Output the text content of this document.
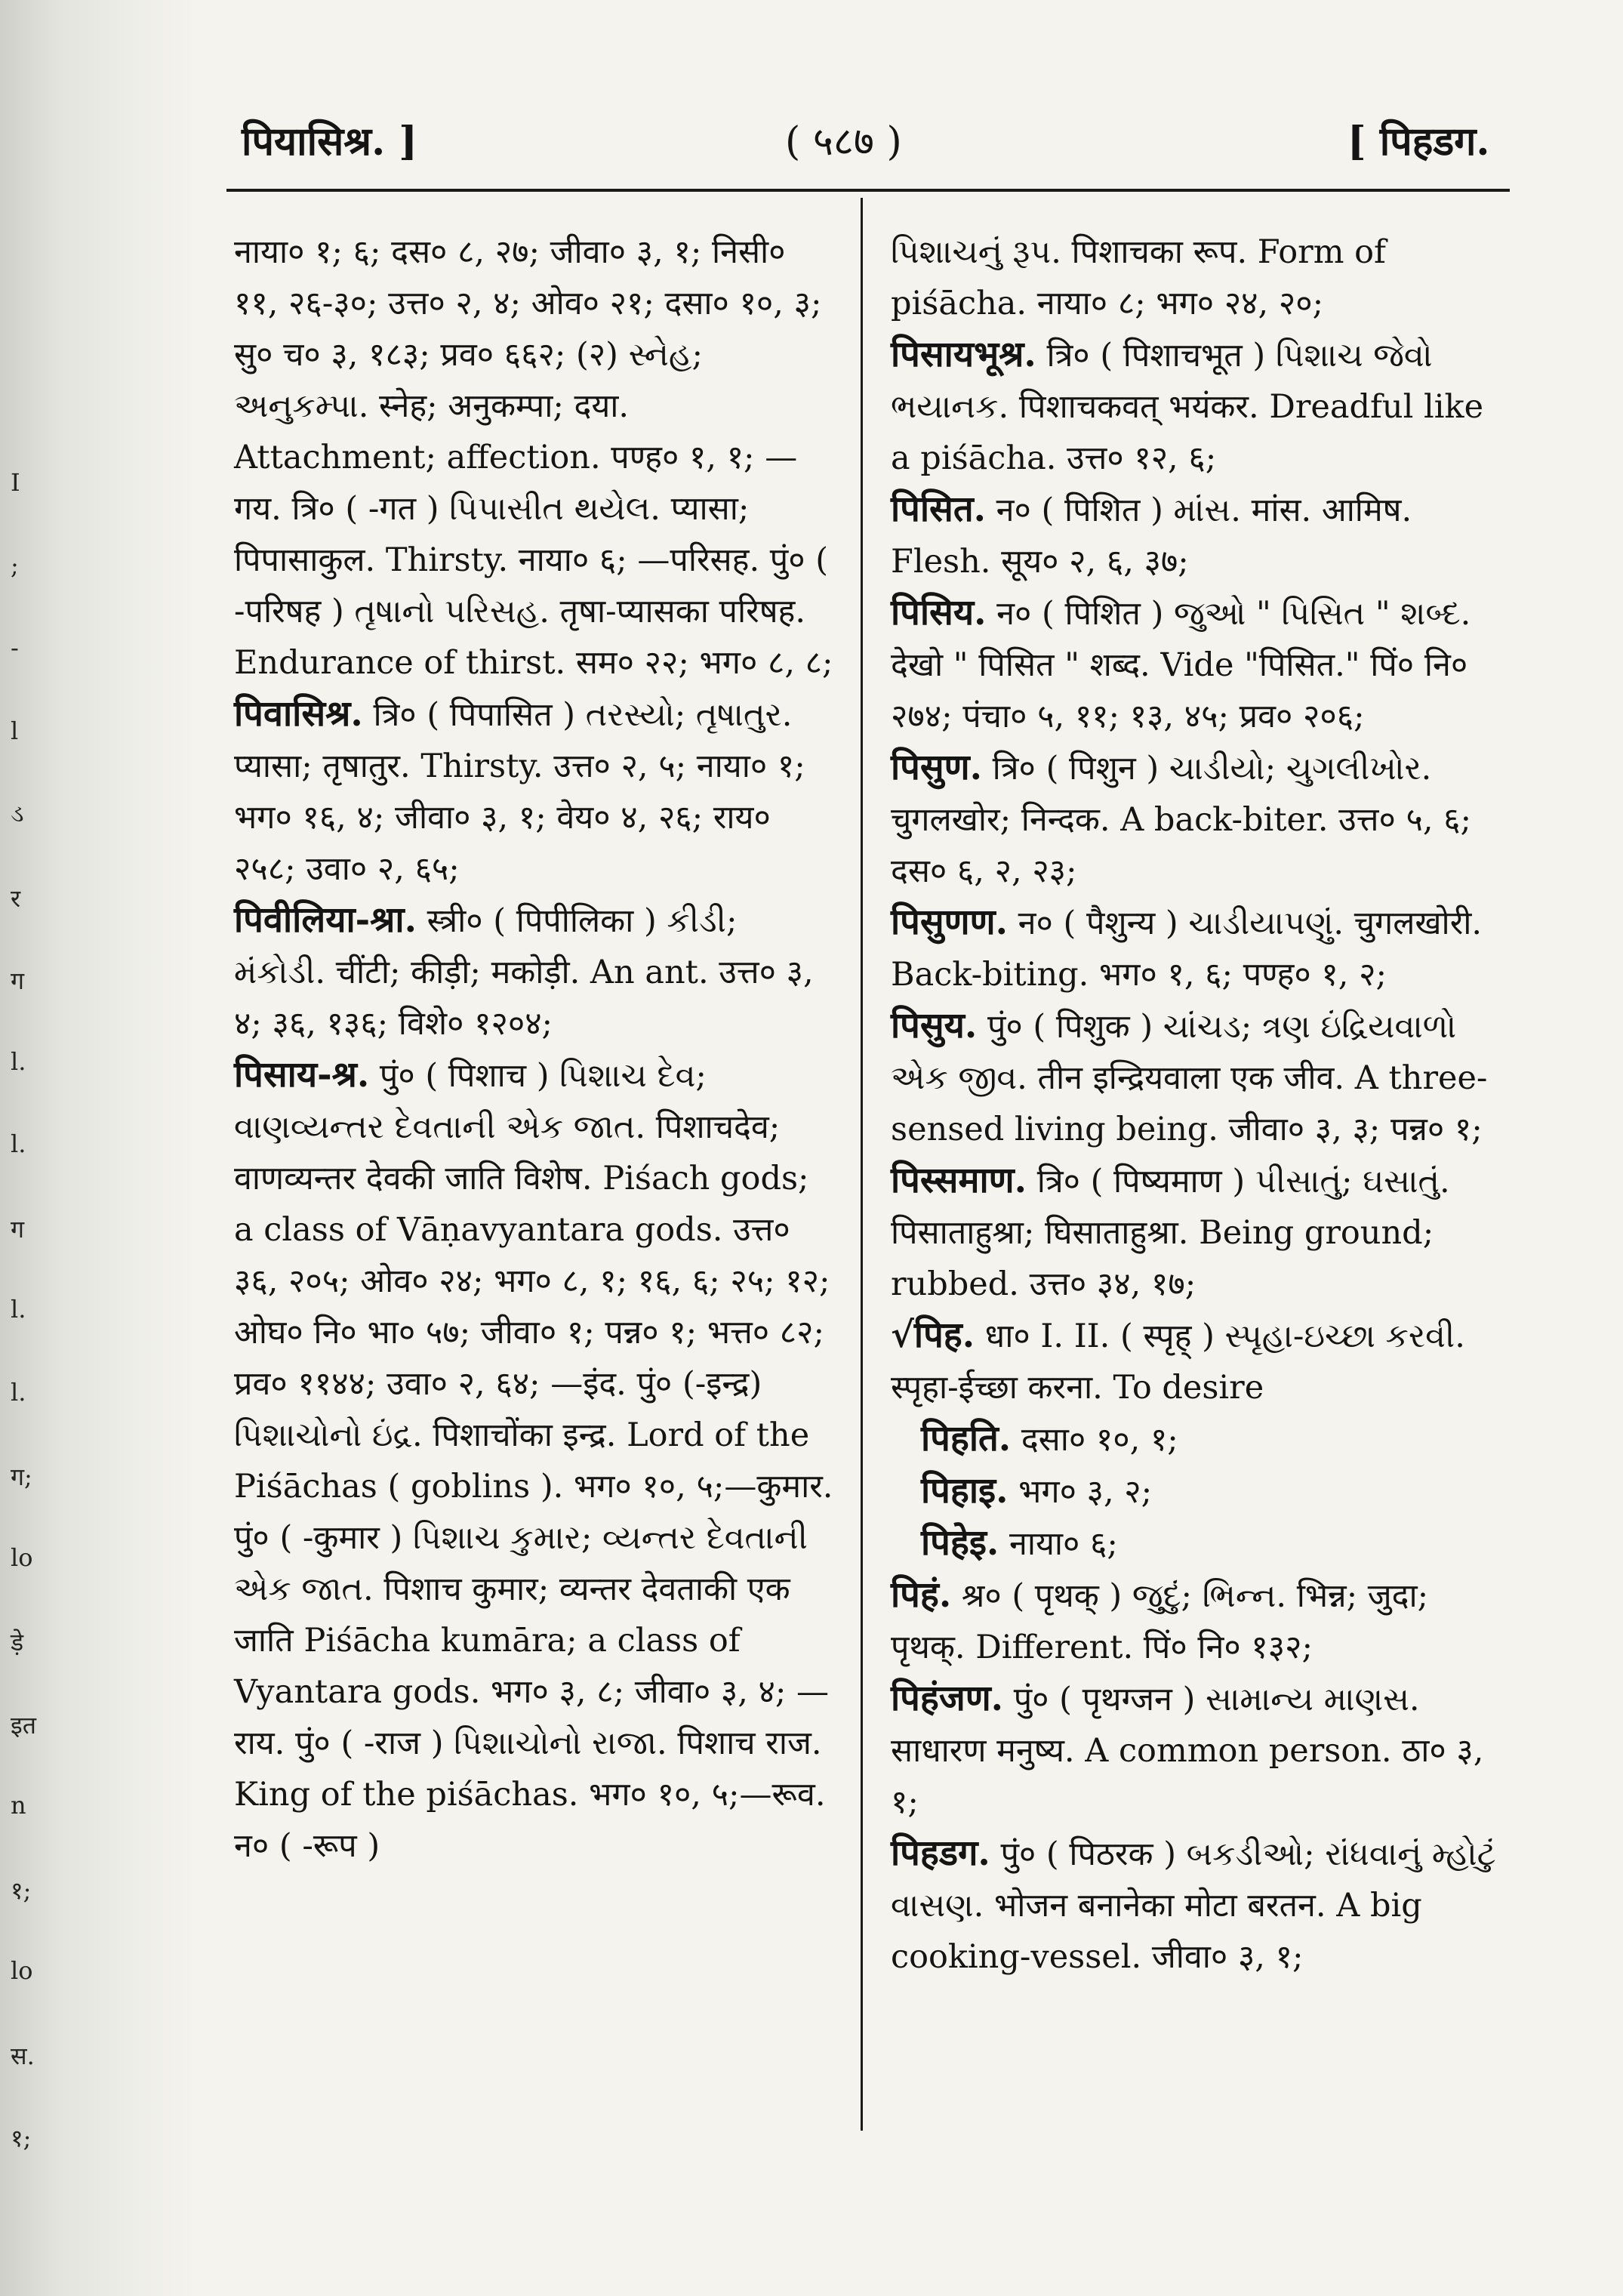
I
;
-
l
ડ
र
ग
l.
l.
ग
l.
l.
ग;
lo
ड़े
इत
n
१;
lo
स.
१;
पियासिश्र. ]	( ५८७ )	[ पिहडग.
नाया० १; ६; दस० ८, २७; जीवा० ३, १; निसी० ११, २६-३०; उत्त० २, ४; ओव० २१; दसा० १०, ३; सु० च० ३, १८३; प्रव० ६६२; (२) સ્નેહ; અનુકમ્પા. स्नेह; अनुकम्पा; दया. Attachment; affection. पण्ह० १, १; —गय. त्रि० ( -गत ) પિપાસીત થયેલ. प्यासा; पिपासाकुल. Thirsty. नाया० ६; —परिसह. पुं० ( -परिषह ) તૃષાનો પરિસહ. तृषा-प्यासका परिषह. Endurance of thirst. सम० २२; भग० ८, ८;
पिवासिश्र. त्रि० ( पिपासित ) તરસ્યો; તૃષાતુર. प्यासा; तृषातुर. Thirsty. उत्त० २, ५; नाया० १; भग० १६, ४; जीवा० ३, १; वेय० ४, २६; राय० २५८; उवा० २, ६५;
पिवीलिया-श्रा. स्त्री० ( पिपीलिका ) કીડી; મંકોડી. चींटी; कीड़ी; मकोड़ी. An ant. उत्त० ३, ४; ३६, १३६; विशे० १२०४;
पिसाय-श्र. पुं० ( पिशाच ) પિશાચ દેવ; વાણવ્યન્તર દેવતાની એક જાત. पिशाचदेव; वाणव्यन्तर देवकी जाति विशेष. Piśach gods; a class of Vāṇavyantara gods. उत्त० ३६, २०५; ओव० २४; भग० ८, १; १६, ६; २५; १२; ओघ० नि० भा० ५७; जीवा० १; पन्न० १; भत्त० ८२; प्रव० ११४४; उवा० २, ६४; —इंद. पुं० (-इन्द्र) પિશાચોનો ઇંદ્ર. पिशाचोंका इन्द्र. Lord of the Piśāchas ( goblins ). भग० १०, ५;—कुमार. पुं० ( -कुमार ) પિશાચ કુમાર; વ્યન્તર દેવતાની એક જાત. पिशाच कुमार; व्यन्तर देवताकी एक जाति Piśācha kumāra; a class of Vyantara gods. भग० ३, ८; जीवा० ३, ४; —राय. पुं० ( -राज ) પિશાચોનો રાજા. पिशाच राज. King of the piśāchas. भग० १०, ५;—रूव. न० ( -रूप )
પિશાચનું રૂપ. पिशाचका रूप. Form of piśācha. नाया० ८; भग० २४, २०;
पिसायभूश्र. त्रि० ( पिशाचभूत ) પિશાચ જેવો ભયાનક. पिशाचकवत् भयंकर. Dreadful like a piśācha. उत्त० १२, ६;
पिसित. न० ( पिशित ) માંસ. मांस. आमिष. Flesh. सूय० २, ६, ३७;
पिसिय. न० ( पिशित ) જુઓ " પિસિત " શબ્દ. देखो " पिसित " शब्द. Vide "पिसित." पिं० नि० २७४; पंचा० ५, ११; १३, ४५; प्रव० २०६;
पिसुण. त्रि० ( पिशुन ) ચાડીયો; ચુગલીખોર. चुगलखोर; निन्दक. A back-biter. उत्त० ५, ६; दस० ६, २, २३;
पिसुणण. न० ( पैशुन्य ) ચાડીયાપણું. चुगलखोरी. Back-biting. भग० १, ६; पण्ह० १, २;
पिसुय. पुं० ( पिशुक ) ચાંચડ; ત્રણ ઇંદ્રિયવાળો એક જીવ. तीन इन्द्रियवाला एक जीव. A three-sensed living being. जीवा० ३, ३; पन्न० १;
पिस्समाण. त्रि० ( पिष्यमाण ) પીસાતું; ઘસાતું. पिसाताहुश्रा; घिसाताहुश्रा. Being ground; rubbed. उत्त० ३४, १७;
√पिह. धा० I. II. ( स्पृह् ) સ્પૃહા-ઇચ્છા કરવી. स्पृहा-ईच्छा करना. To desire
पिहति. दसा० १०, १;
पिहाइ. भग० ३, २;
पिहेइ. नाया० ६;
पिहं. श्र० ( पृथक् ) જુદું; ભિન્ન. भिन्न; जुदा; पृथक्. Different. पिं० नि० १३२;
पिहंजण. पुं० ( पृथग्जन ) સામાન્ય માણસ. साधारण मनुष्य. A common person. ठा० ३, १;
पिहडग. पुं० ( पिठरक ) બકડીઓ; રાંધવાનું મ્હોટું વાસણ. भोजन बनानेका मोटा बरतन. A big cooking-vessel. जीवा० ३, १;
